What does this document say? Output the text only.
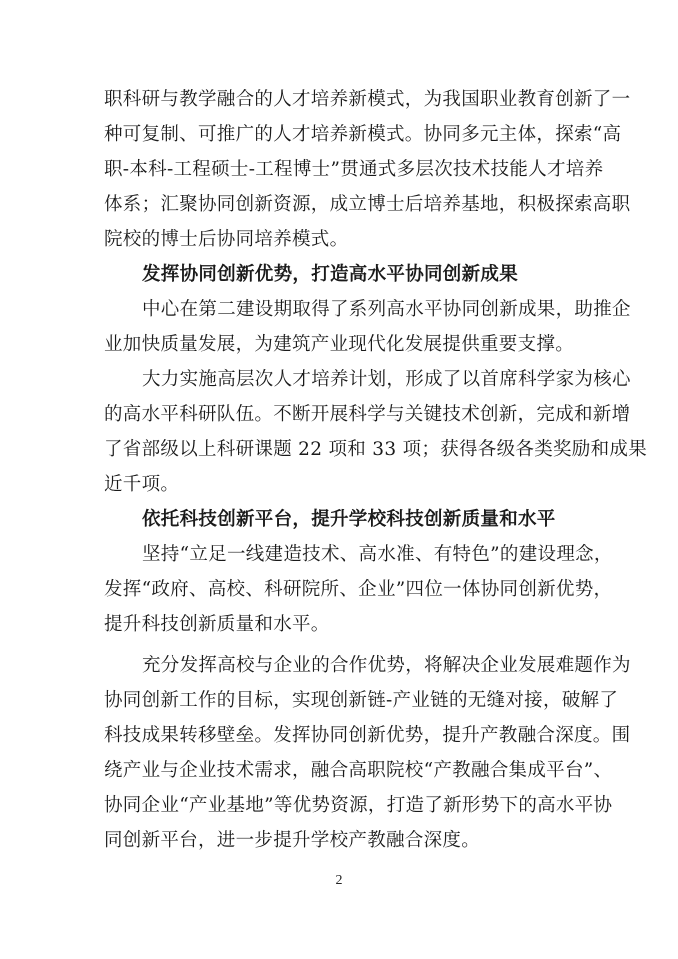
职科研与教学融合的人才培养新模式，为我国职业教育创新了一
种可复制、可推广的人才培养新模式。协同多元主体，探索“高
职-本科-工程硕士-工程博士”贯通式多层次技术技能人才培养
体系；汇聚协同创新资源，成立博士后培养基地，积极探索高职
院校的博士后协同培养模式。
发挥协同创新优势，打造高水平协同创新成果
中心在第二建设期取得了系列高水平协同创新成果，助推企
业加快质量发展，为建筑产业现代化发展提供重要支撑。
大力实施高层次人才培养计划，形成了以首席科学家为核心
的高水平科研队伍。不断开展科学与关键技术创新，完成和新增
了省部级以上科研课题 22 项和 33 项；获得各级各类奖励和成果
近千项。
依托科技创新平台，提升学校科技创新质量和水平
坚持“立足一线建造技术、高水准、有特色”的建设理念，
发挥“政府、高校、科研院所、企业”四位一体协同创新优势，
提升科技创新质量和水平。
充分发挥高校与企业的合作优势，将解决企业发展难题作为
协同创新工作的目标，实现创新链-产业链的无缝对接，破解了
科技成果转移壁垒。发挥协同创新优势，提升产教融合深度。围
绕产业与企业技术需求，融合高职院校“产教融合集成平台”、
协同企业“产业基地”等优势资源，打造了新形势下的高水平协
同创新平台，进一步提升学校产教融合深度。
2
